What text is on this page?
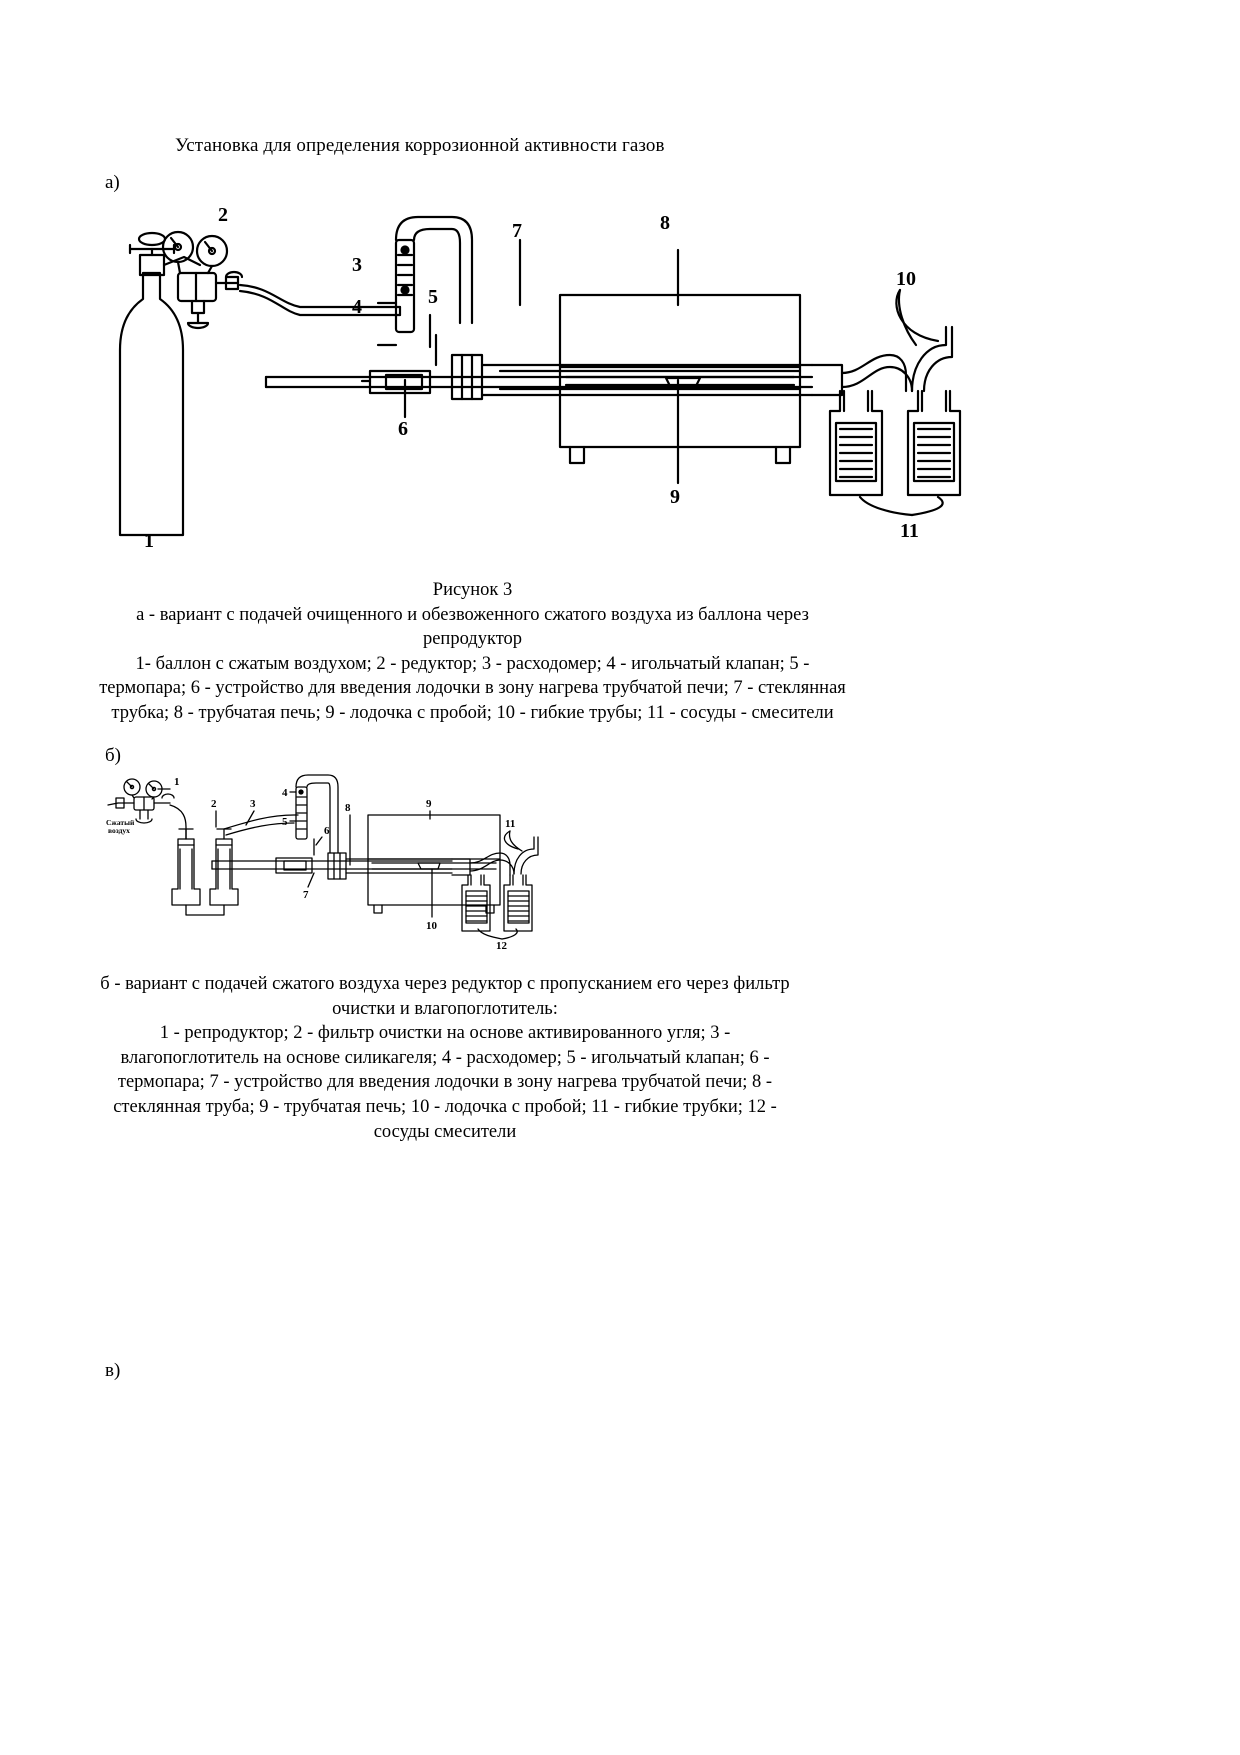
Установка для определения коррозионной активности газов
а)
1
2
3
4	5
6
7	8
9
10
11
Рисунок 3
а - вариант с подачей очищенного и обезвоженного сжатого воздуха из баллона через репродуктор
1- баллон с сжатым воздухом; 2 - редуктор; 3 - расходомер; 4 - игольчатый клапан; 5 - термопара; 6 - устройство для введения лодочки в зону нагрева трубчатой печи; 7 - стеклянная трубка; 8 - трубчатая печь; 9 - лодочка с пробой; 10 - гибкие трубы; 11 - сосуды - смесители
б)
1
2	3
4
5
6
7
8	9
10
11
12
Сжатый
воздух
б - вариант с подачей сжатого воздуха через редуктор с пропусканием его через фильтр очистки и влагопоглотитель:
1 - репродуктор; 2 - фильтр очистки на основе активированного угля; 3 - влагопоглотитель на основе силикагеля; 4 - расходомер; 5 - игольчатый клапан; 6 - термопара; 7 - устройство для введения лодочки в зону нагрева трубчатой печи; 8 - стеклянная труба; 9 - трубчатая печь; 10 - лодочка с пробой; 11 - гибкие трубки; 12 - сосуды смесители
в)
